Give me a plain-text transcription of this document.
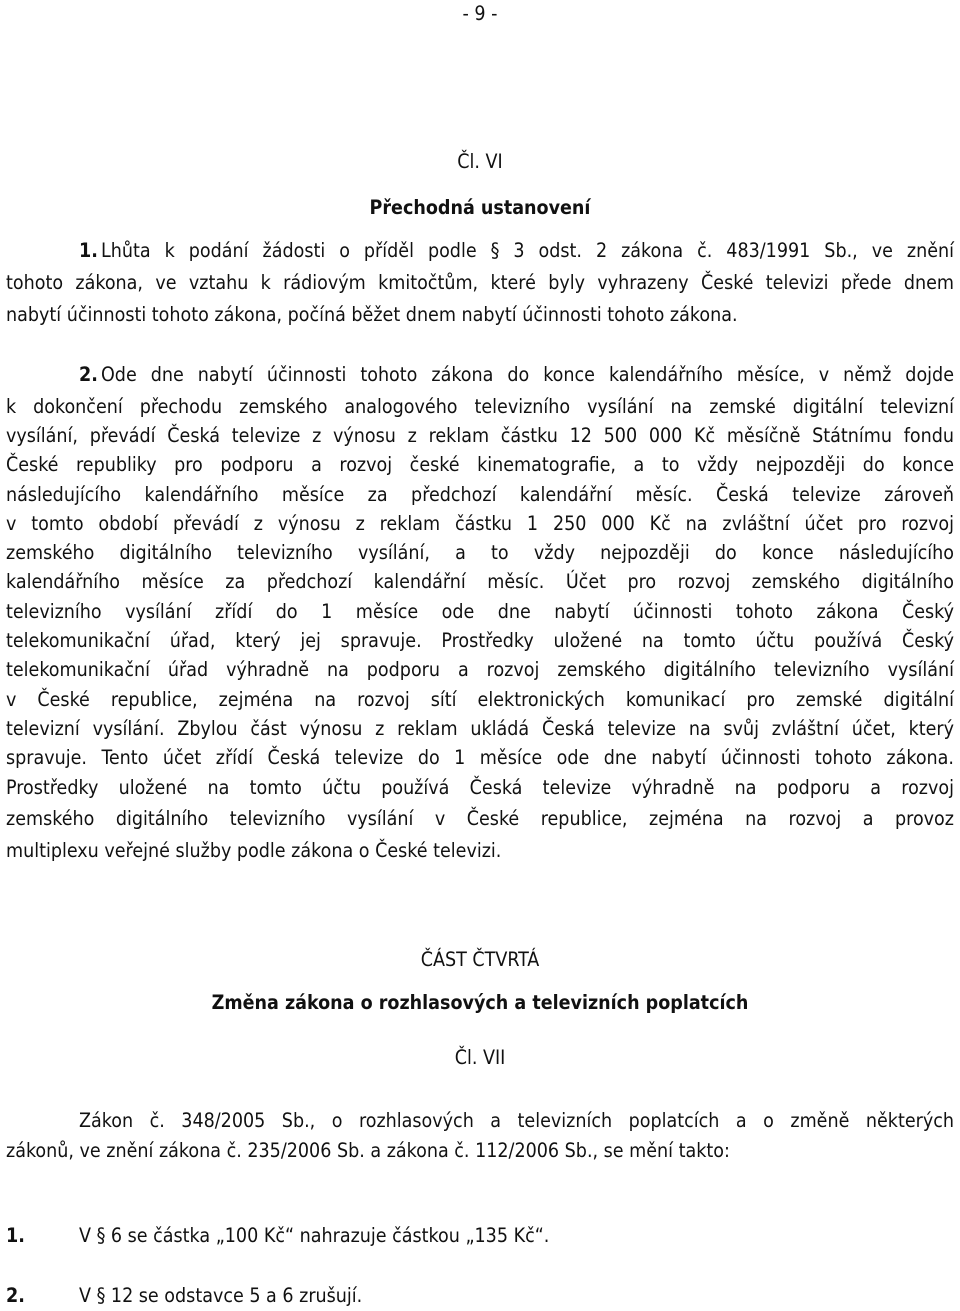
- 9 -
Čl. VI
Přechodná ustanovení
1. Lhůta k podání žádosti o příděl podle § 3 odst. 2 zákona č. 483/1991 Sb., ve znění
tohoto zákona, ve vztahu k rádiovým kmitočtům, které byly vyhrazeny České televizi přede dnem
nabytí účinnosti tohoto zákona, počíná běžet dnem nabytí účinnosti tohoto zákona.
2. Ode dne nabytí účinnosti tohoto zákona do konce kalendářního měsíce, v němž dojde
k dokončení přechodu zemského analogového televizního vysílání na zemské digitální televizní
vysílání, převádí Česká televize z výnosu z reklam částku 12 500 000 Kč měsíčně Státnímu fondu
České republiky pro podporu a rozvoj české kinematografie, a to vždy nejpozději do konce
následujícího kalendářního měsíce za předchozí kalendářní měsíc. Česká televize zároveň
v tomto období převádí z výnosu z reklam částku 1 250 000 Kč na zvláštní účet pro rozvoj
zemského digitálního televizního vysílání, a to vždy nejpozději do konce následujícího
kalendářního měsíce za předchozí kalendářní měsíc. Účet pro rozvoj zemského digitálního
televizního vysílání zřídí do 1 měsíce ode dne nabytí účinnosti tohoto zákona Český
telekomunikační úřad, který jej spravuje. Prostředky uložené na tomto účtu používá Český
telekomunikační úřad výhradně na podporu a rozvoj zemského digitálního televizního vysílání
v České republice, zejména na rozvoj sítí elektronických komunikací pro zemské digitální
televizní vysílání. Zbylou část výnosu z reklam ukládá Česká televize na svůj zvláštní účet, který
spravuje. Tento účet zřídí Česká televize do 1 měsíce ode dne nabytí účinnosti tohoto zákona.
Prostředky uložené na tomto účtu používá Česká televize výhradně na podporu a rozvoj
zemského digitálního televizního vysílání v České republice, zejména na rozvoj a provoz
multiplexu veřejné služby podle zákona o České televizi.
ČÁST ČTVRTÁ
Změna zákona o rozhlasových a televizních poplatcích
Čl. VII
Zákon č. 348/2005 Sb., o rozhlasových a televizních poplatcích a o změně některých
zákonů, ve znění zákona č. 235/2006 Sb. a zákona č. 112/2006 Sb., se mění takto:
1.	V § 6 se částka „100 Kč“ nahrazuje částkou „135 Kč“.
2.	V § 12 se odstavce 5 a 6 zrušují.
